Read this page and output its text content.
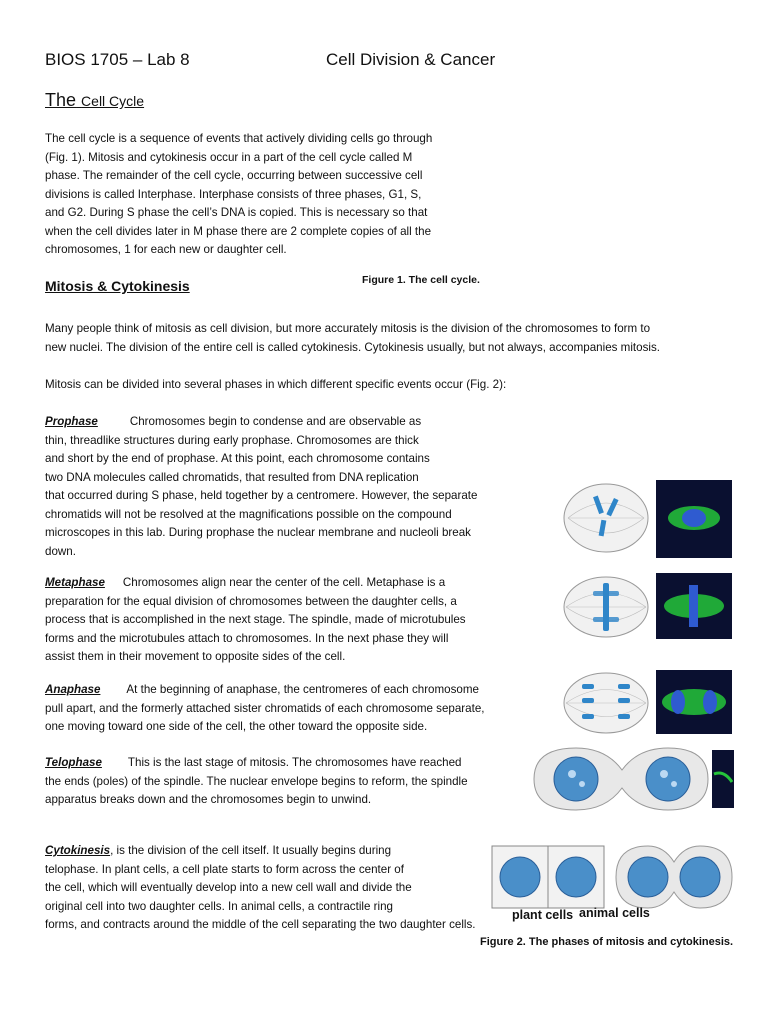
BIOS 1705 – Lab 8	Cell Division & Cancer
The Cell Cycle

The cell cycle is a sequence of events that actively dividing cells go through

(Fig. 1). Mitosis and cytokinesis occur in a part of the cell cycle called M

phase. The remainder of the cell cycle, occurring between successive cell

divisions is called Interphase. Interphase consists of three phases, G1, S,

and G2. During S phase the cell’s DNA is copied. This is necessary so that

when the cell divides later in M phase there are 2 complete copies of all the

chromosomes, 1 for each new or daughter cell.

Mitosis & Cytokinesis	Figure 1. The cell cycle.

Many people think of mitosis as cell division, but more accurately mitosis is the division of the chromosomes to form to

new nuclei. The division of the entire cell is called cytokinesis. Cytokinesis usually, but not always, accompanies mitosis.

Mitosis can be divided into several phases in which different specific events occur (Fig. 2):

Prophase	Chromosomes begin to condense and are observable as

thin, threadlike structures during early prophase. Chromosomes are thick

and short by the end of prophase. At this point, each chromosome contains

two DNA molecules called chromatids, that resulted from DNA replication

that occurred during S phase, held together by a centromere. However, the separate

chromatids will not be resolved at the magnifications possible on the compound

microscopes in this lab. During prophase the nuclear membrane and nucleoli break

down.

Metaphase Chromosomes align near the center of the cell. Metaphase is a

preparation for the equal division of chromosomes between the daughter cells, a

process that is accomplished in the next stage. The spindle, made of microtubules

forms and the microtubules attach to chromosomes. In the next phase they will

assist them in their movement to opposite sides of the cell.

Anaphase At the beginning of anaphase, the centromeres of each chromosome

pull apart, and the formerly attached sister chromatids of each chromosome separate,

one moving toward one side of the cell, the other toward the opposite side.

Telophase This is the last stage of mitosis. The chromosomes have reached

the ends (poles) of the spindle. The nuclear envelope begins to reform, the spindle

apparatus breaks down and the chromosomes begin to unwind.

Cytokinesis, is the division of the cell itself. It usually begins during

telophase. In plant cells, a cell plate starts to form across the center of

the cell, which will eventually develop into a new cell wall and divide the

original cell into two daughter cells. In animal cells, a contractile ring

forms, and contracts around the middle of the cell separating the two daughter cells.

plant cells animal cells
Figure 2. The phases of mitosis and cytokinesis.
